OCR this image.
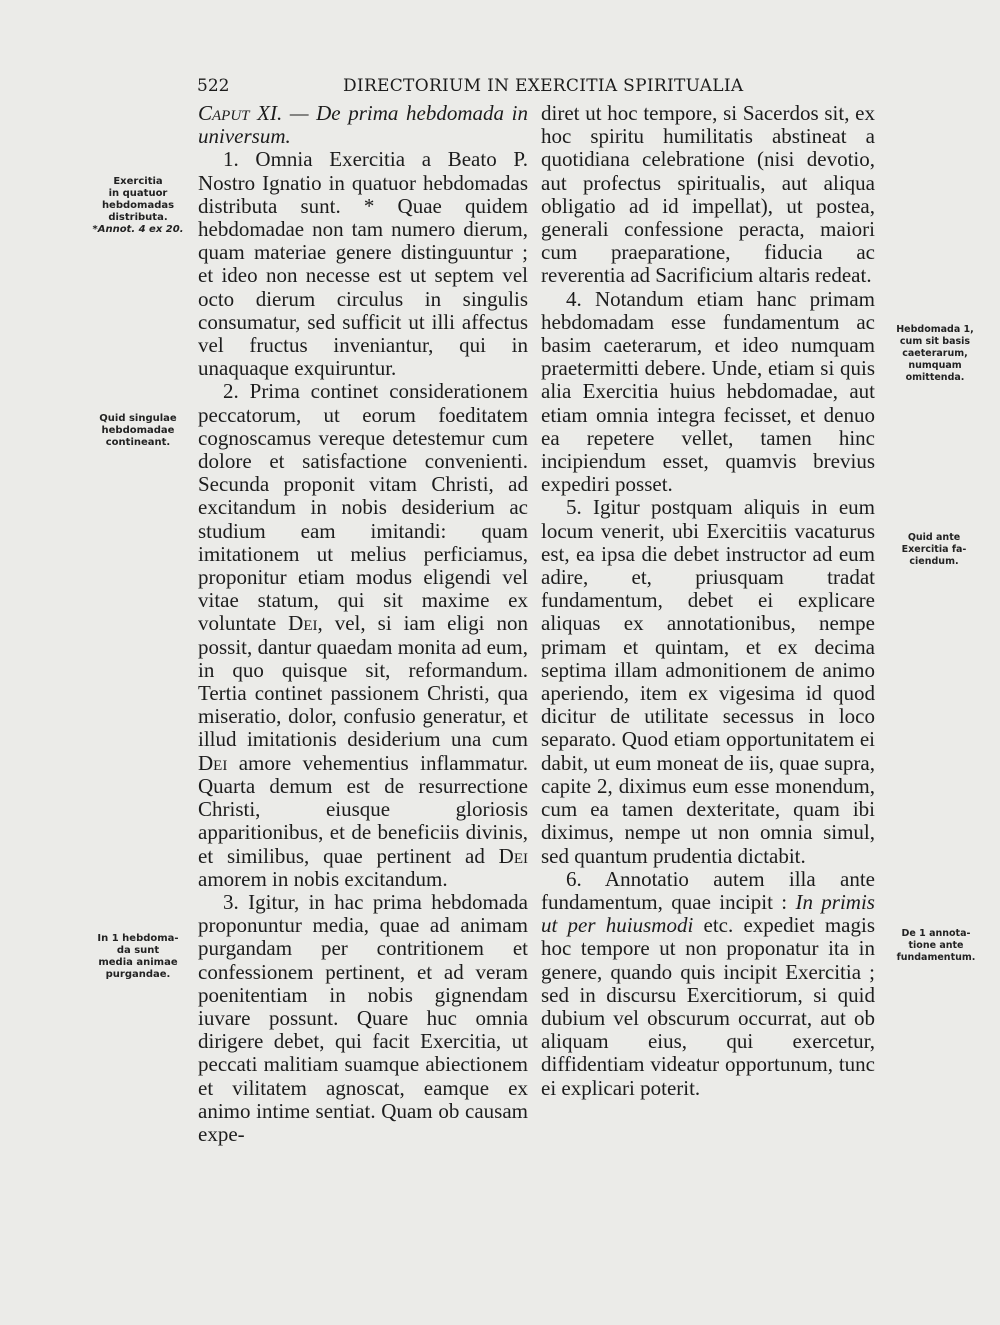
522	DIRECTORIUM IN EXERCITIA SPIRITUALIA
Exercitia
in quatuor
hebdomadas
distributa.
*Annot. 4 ex 20.
Quid singulae
hebdomadae
contineant.
In 1 hebdoma-
da sunt
media animae
purgandae.
Hebdomada 1,
cum sit basis
caeterarum,
numquam
omittenda.
Quid ante
Exercitia fa-
ciendum.
De 1 annota-
tione ante
fundamentum.

Caput XI. — De prima hebdomada in universum.

1. Omnia Exercitia a Beato P. Nostro Ignatio in quatuor hebdomadas distributa sunt. * Quae quidem hebdomadae non tam numero dierum, quam materiae genere distinguuntur ; et ideo non necesse est ut septem vel octo dierum circulus in singulis consumatur, sed sufficit ut illi affectus vel fructus inveniantur, qui in unaquaque exquiruntur.

2. Prima continet considerationem peccatorum, ut eorum foeditatem cognoscamus vereque detestemur cum dolore et satisfactione convenienti. Secunda proponit vitam Christi, ad excitandum in nobis desiderium ac studium eam imitandi: quam imitationem ut melius perficiamus, proponitur etiam modus eligendi vel vitae statum, qui sit maxime ex voluntate Dei, vel, si iam eligi non possit, dantur quaedam monita ad eum, in quo quisque sit, reformandum. Tertia continet passionem Christi, qua miseratio, dolor, confusio generatur, et illud imitationis desiderium una cum Dei amore vehementius inflammatur. Quarta demum est de resurrectione Christi, eiusque gloriosis apparitionibus, et de beneficiis divinis, et similibus, quae pertinent ad Dei amorem in nobis excitandum.

3. Igitur, in hac prima hebdomada proponuntur media, quae ad animam purgandam per contritionem et confessionem pertinent, et ad veram poenitentiam in nobis gignendam iuvare possunt. Quare huc omnia dirigere debet, qui facit Exercitia, ut peccati malitiam suamque abiectionem et vilitatem agnoscat, eamque ex animo intime sentiat. Quam ob causam expe-

diret ut hoc tempore, si Sacerdos sit, ex hoc spiritu humilitatis abstineat a quotidiana celebratione (nisi devotio, aut profectus spiritualis, aut aliqua obligatio ad id impellat), ut postea, generali confessione peracta, maiori cum praeparatione, fiducia ac reverentia ad Sacrificium altaris redeat.

4. Notandum etiam hanc primam hebdomadam esse fundamentum ac basim caeterarum, et ideo numquam praetermitti debere. Unde, etiam si quis alia Exercitia huius hebdomadae, aut etiam omnia integra fecisset, et denuo ea repetere vellet, tamen hinc incipiendum esset, quamvis brevius expediri posset.

5. Igitur postquam aliquis in eum locum venerit, ubi Exercitiis vacaturus est, ea ipsa die debet instructor ad eum adire, et, priusquam tradat fundamentum, debet ei explicare aliquas ex annotationibus, nempe primam et quintam, et ex decima septima illam admonitionem de animo aperiendo, item ex vigesima id quod dicitur de utilitate secessus in loco separato. Quod etiam opportunitatem ei dabit, ut eum moneat de iis, quae supra, capite 2, diximus eum esse monendum, cum ea tamen dexteritate, quam ibi diximus, nempe ut non omnia simul, sed quantum prudentia dictabit.

6. Annotatio autem illa ante fundamentum, quae incipit : In primis ut per huiusmodi etc. expediet magis hoc tempore ut non proponatur ita in genere, quando quis incipit Exercitia ; sed in discursu Exercitiorum, si quid dubium vel obscurum occurrat, aut ob aliquam eius, qui exercetur, diffidentiam videatur opportunum, tunc ei explicari poterit.
